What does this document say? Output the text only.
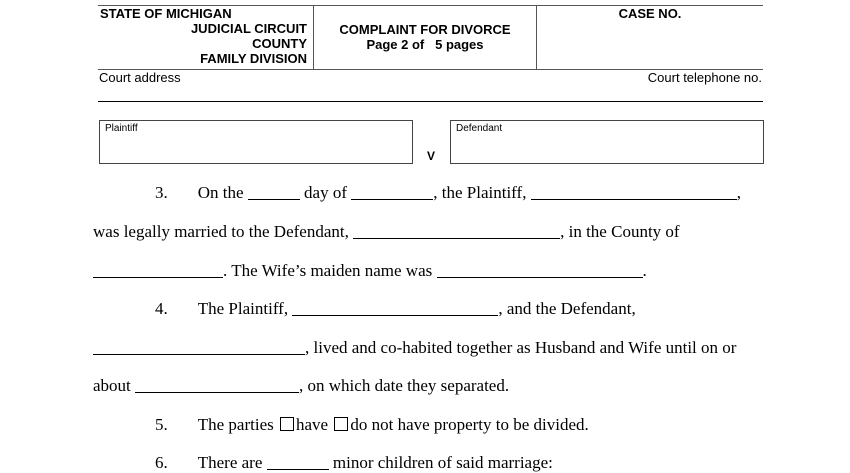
STATE OF MICHIGAN
JUDICIAL CIRCUIT
COUNTY
FAMILY DIVISION
COMPLAINT FOR DIVORCE
Page 2 of   5 pages
CASE NO.
Court address	Court telephone no.
Plaintiff
V
Defendant
3. On the	day of	, the Plaintiff,	,
was legally married to the Defendant,	, in the County of
. The Wife’s maiden name was	.
4. The Plaintiff,	, and the Defendant,
, lived and co-habited together as Husband and Wife until on or
about	, on which date they separated.
5. The parties have do not have property to be divided.
6. There are	minor children of said marriage:
